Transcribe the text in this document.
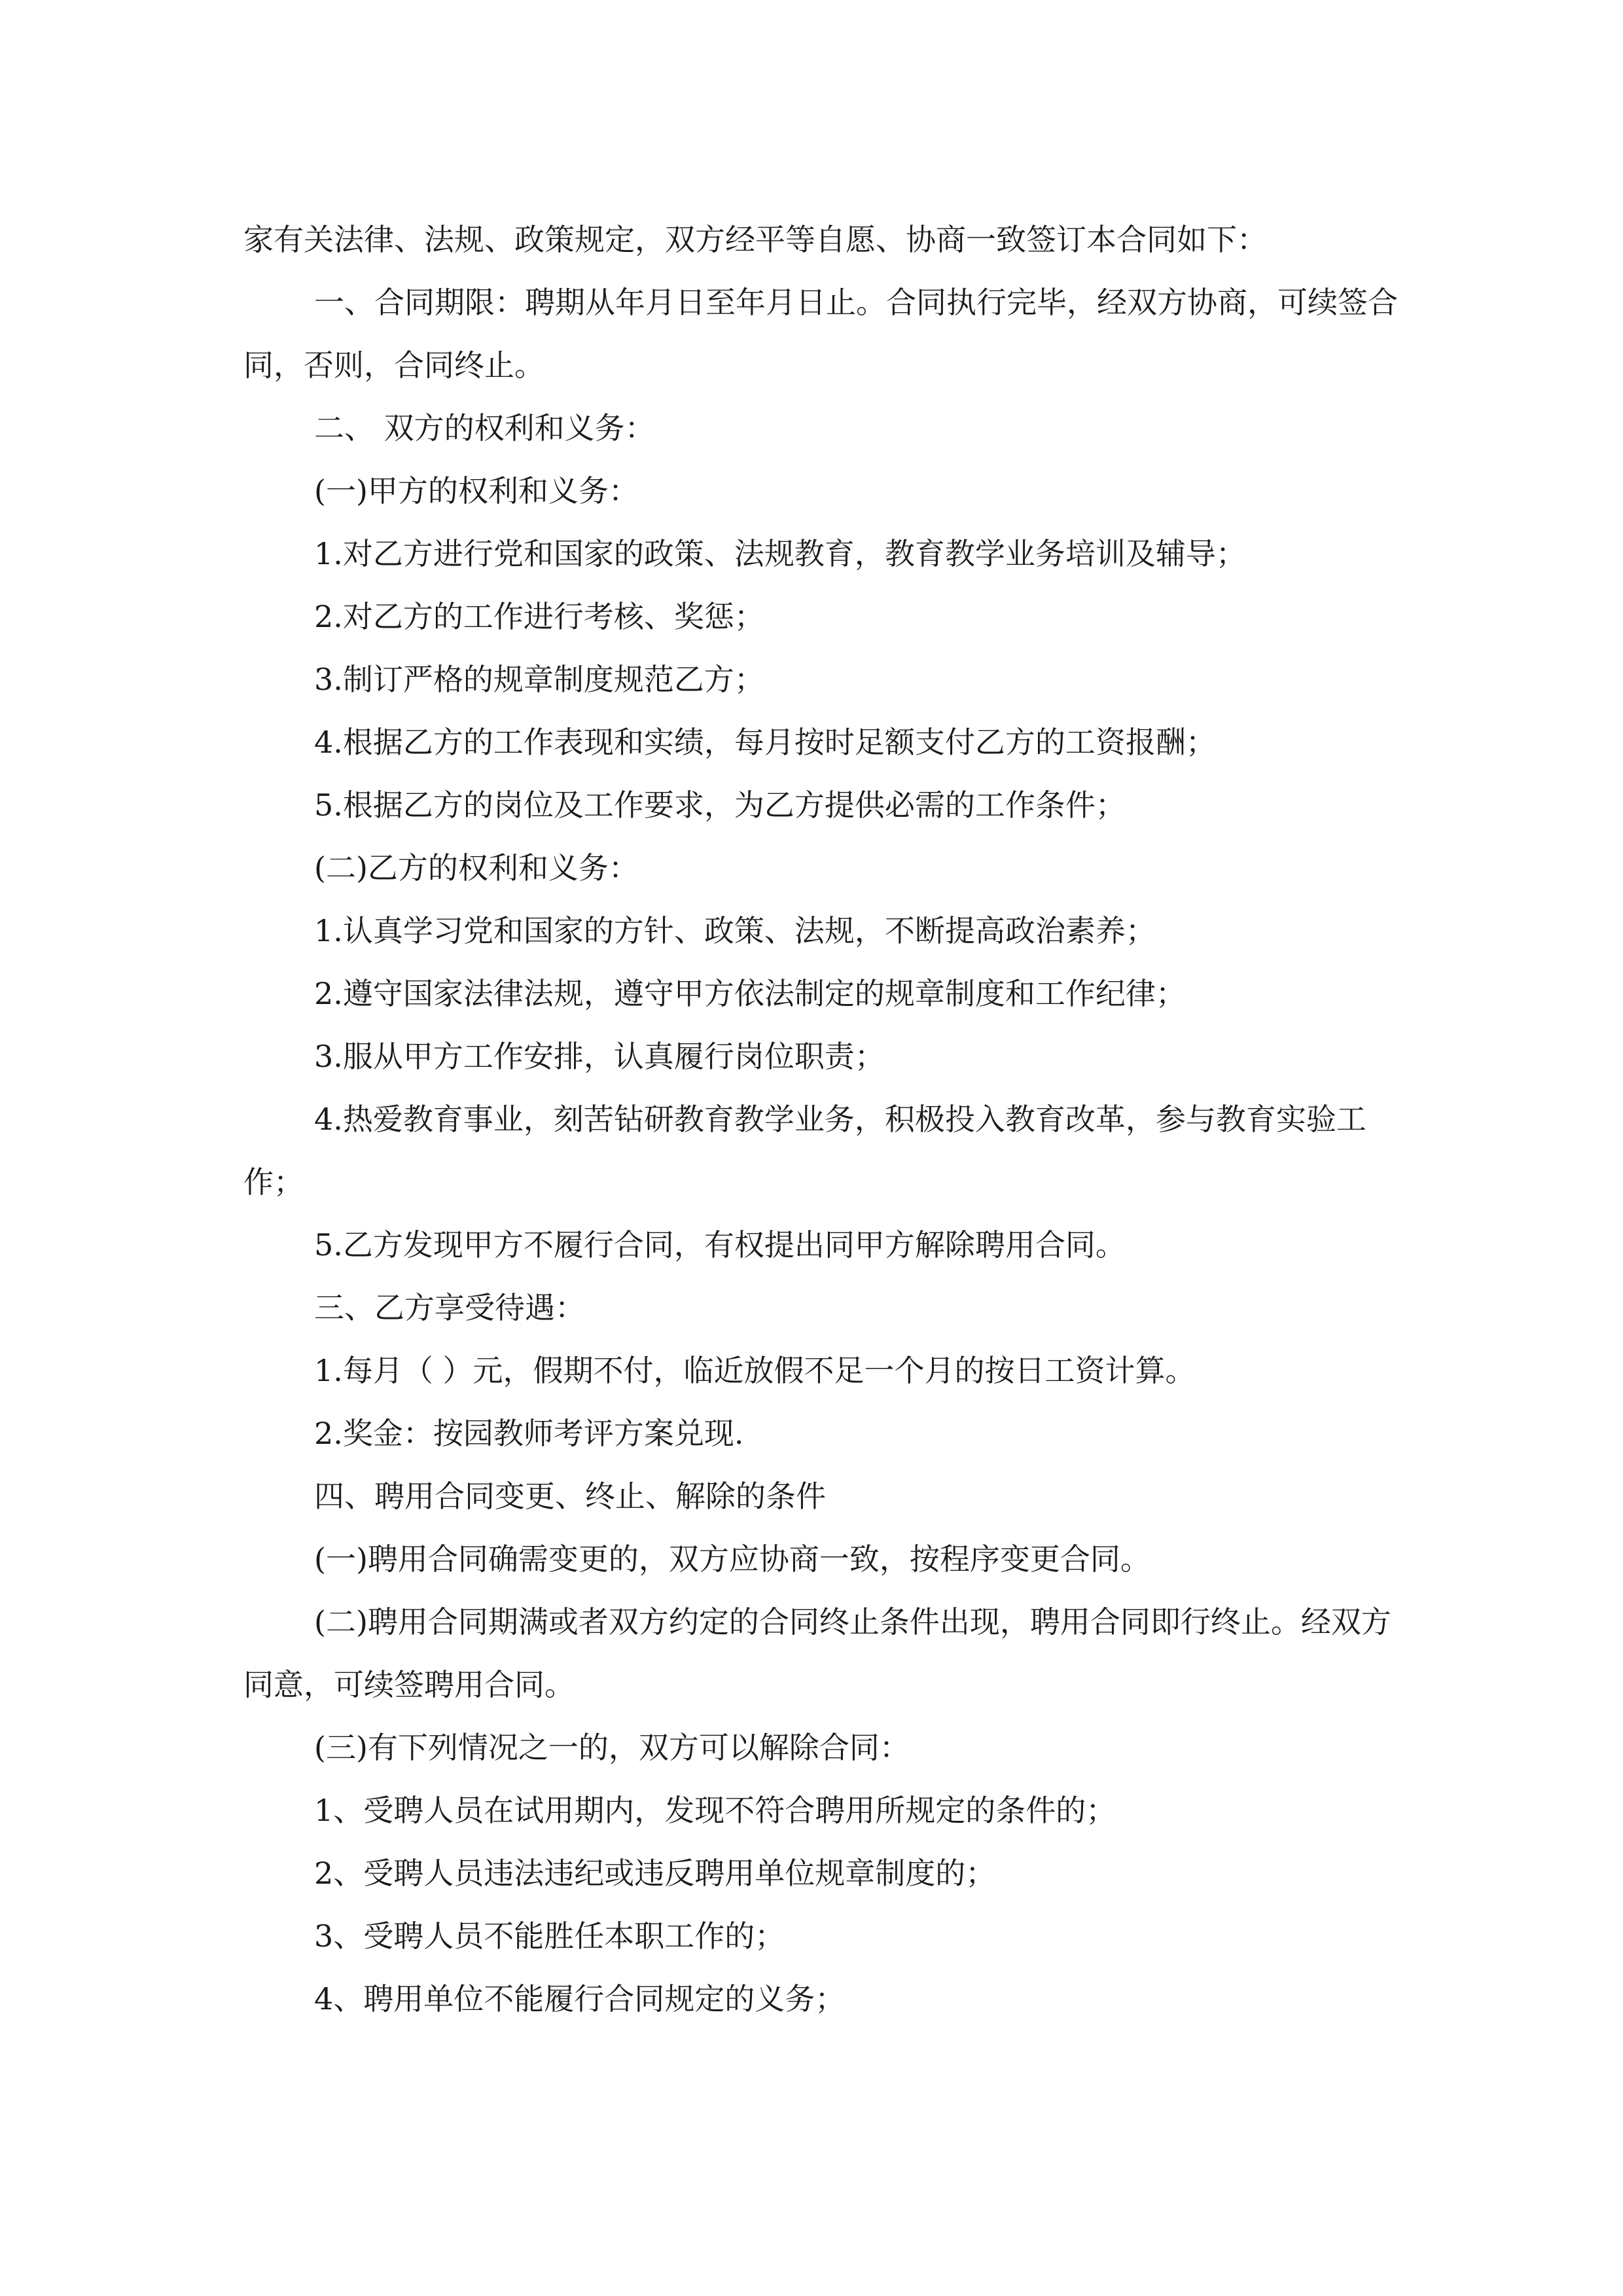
家有关法律、法规、政策规定，双方经平等自愿、协商一致签订本合同如下：

一、合同期限：聘期从年月日至年月日止。合同执行完毕，经双方协商，可续签合同，否则，合同终止。

二、 双方的权利和义务：

(一)甲方的权利和义务：

1.对乙方进行党和国家的政策、法规教育，教育教学业务培训及辅导；

2.对乙方的工作进行考核、奖惩；

3.制订严格的规章制度规范乙方；

4.根据乙方的工作表现和实绩，每月按时足额支付乙方的工资报酬；

5.根据乙方的岗位及工作要求，为乙方提供必需的工作条件；

(二)乙方的权利和义务：

1.认真学习党和国家的方针、政策、法规，不断提高政治素养；

2.遵守国家法律法规，遵守甲方依法制定的规章制度和工作纪律；

3.服从甲方工作安排，认真履行岗位职责；

4.热爱教育事业，刻苦钻研教育教学业务，积极投入教育改革，参与教育实验工作；

5.乙方发现甲方不履行合同，有权提出同甲方解除聘用合同。

三、乙方享受待遇：

1.每月（ ）元，假期不付，临近放假不足一个月的按日工资计算。

2.奖金：按园教师考评方案兑现.

四、聘用合同变更、终止、解除的条件

(一)聘用合同确需变更的，双方应协商一致，按程序变更合同。

(二)聘用合同期满或者双方约定的合同终止条件出现，聘用合同即行终止。经双方同意，可续签聘用合同。

(三)有下列情况之一的，双方可以解除合同：

1、受聘人员在试用期内，发现不符合聘用所规定的条件的；

2、受聘人员违法违纪或违反聘用单位规章制度的；

3、受聘人员不能胜任本职工作的；

4、聘用单位不能履行合同规定的义务；
